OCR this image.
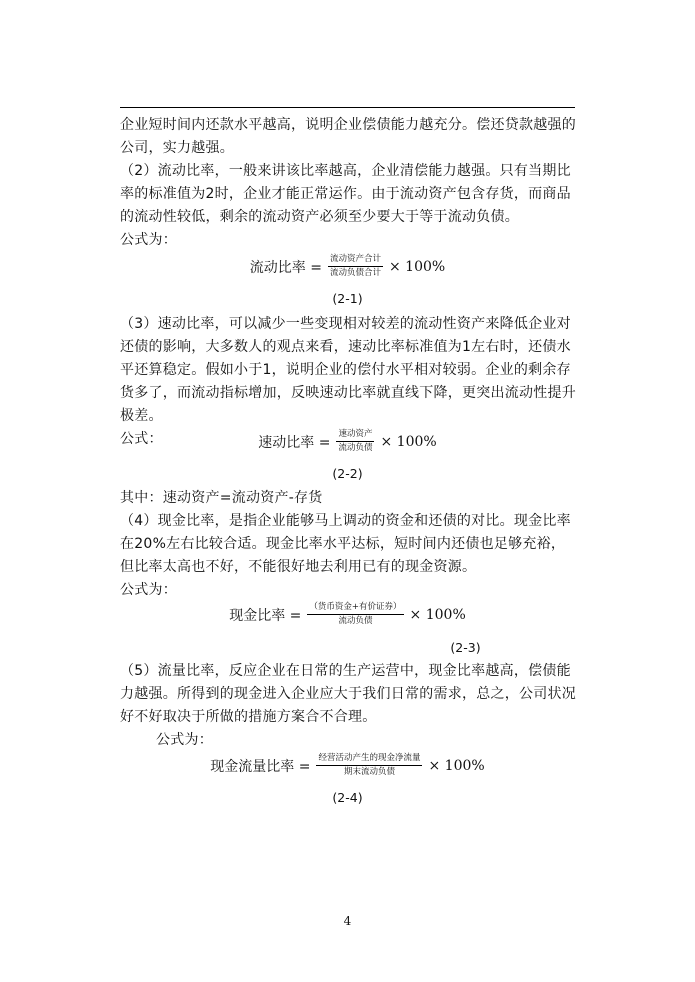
企业短时间内还款水平越高，说明企业偿债能力越充分。偿还贷款越强的公司，实力越强。

（2）流动比率，一般来讲该比率越高，企业清偿能力越强。只有当期比率的标准值为2时，企业才能正常运作。由于流动资产包含存货，而商品的流动性较低，剩余的流动资产必须至少要大于等于流动负债。

公式为：

流动比率 = $\frac{\text{流动资产合计}}{\text{流动负债合计}} \times 100\%$
(2-1)

（3）速动比率，可以减少一些变现相对较差的流动性资产来降低企业对还债的影响，大多数人的观点来看，速动比率标准值为1左右时，还债水平还算稳定。假如小于1，说明企业的偿付水平相对较弱。企业的剩余存货多了，而流动指标增加，反映速动比率就直线下降，更突出流动性提升极差。

公式：	速动比率 = $\frac{\text{速动资产}}{\text{流动负债}} \times 100\%$
(2-2)

其中：速动资产=流动资产-存货

（4）现金比率，是指企业能够马上调动的资金和还债的对比。现金比率在20%左右比较合适。现金比率水平达标，短时间内还债也足够充裕，但比率太高也不好，不能很好地去利用已有的现金资源。

公式为：

现金比率 = $\frac{\text{（货币资金+有价证券）}}{\text{流动负债}} \times 100\%$
(2-3)

（5）流量比率，反应企业在日常的生产运营中，现金比率越高，偿债能力越强。所得到的现金进入企业应大于我们日常的需求，总之，公司状况好不好取决于所做的措施方案合不合理。

公式为：

现金流量比率 = $\frac{\text{经营活动产生的现金净流量}}{\text{期末流动负债}} \times 100\%$
(2-4)
4
